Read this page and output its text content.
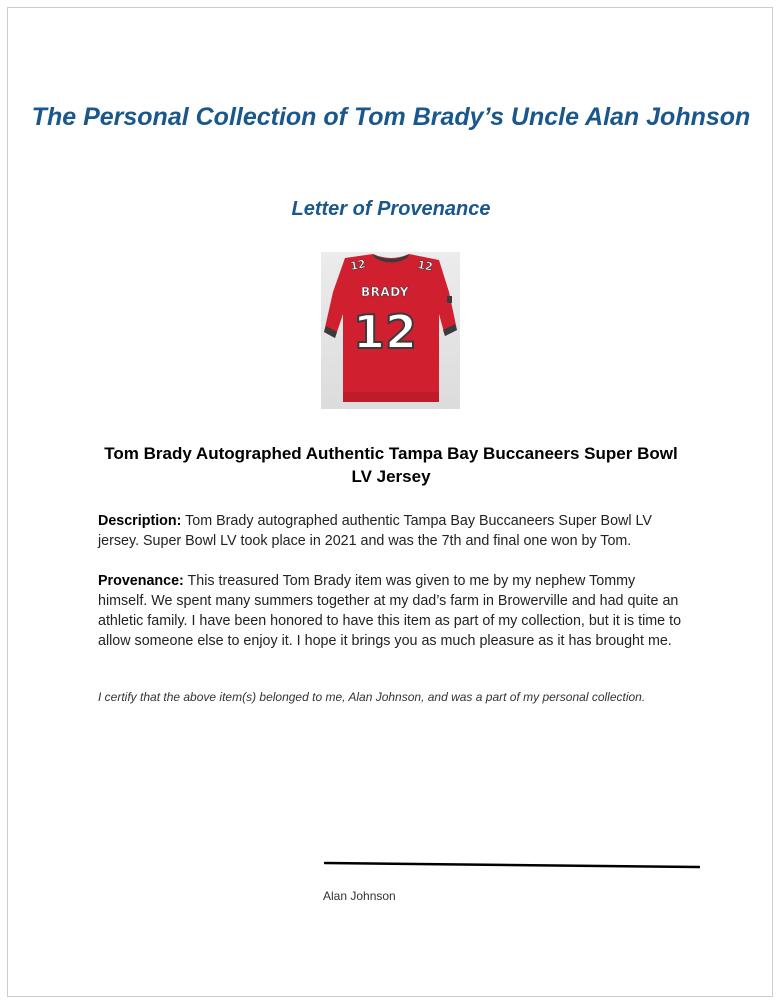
The Personal Collection of Tom Brady’s Uncle Alan Johnson
Letter of Provenance
12	12
BRADY
12
Tom Brady Autographed Authentic Tampa Bay Buccaneers Super Bowl LV Jersey

Description: Tom Brady autographed authentic Tampa Bay Buccaneers Super Bowl LV jersey. Super Bowl LV took place in 2021 and was the 7th and final one won by Tom.

Provenance: This treasured Tom Brady item was given to me by my nephew Tommy himself. We spent many summers together at my dad’s farm in Browerville and had quite an athletic family. I have been honored to have this item as part of my collection, but it is time to allow someone else to enjoy it. I hope it brings you as much pleasure as it has brought me.

I certify that the above item(s) belonged to me, Alan Johnson, and was a part of my personal collection.

Alan Johnson
